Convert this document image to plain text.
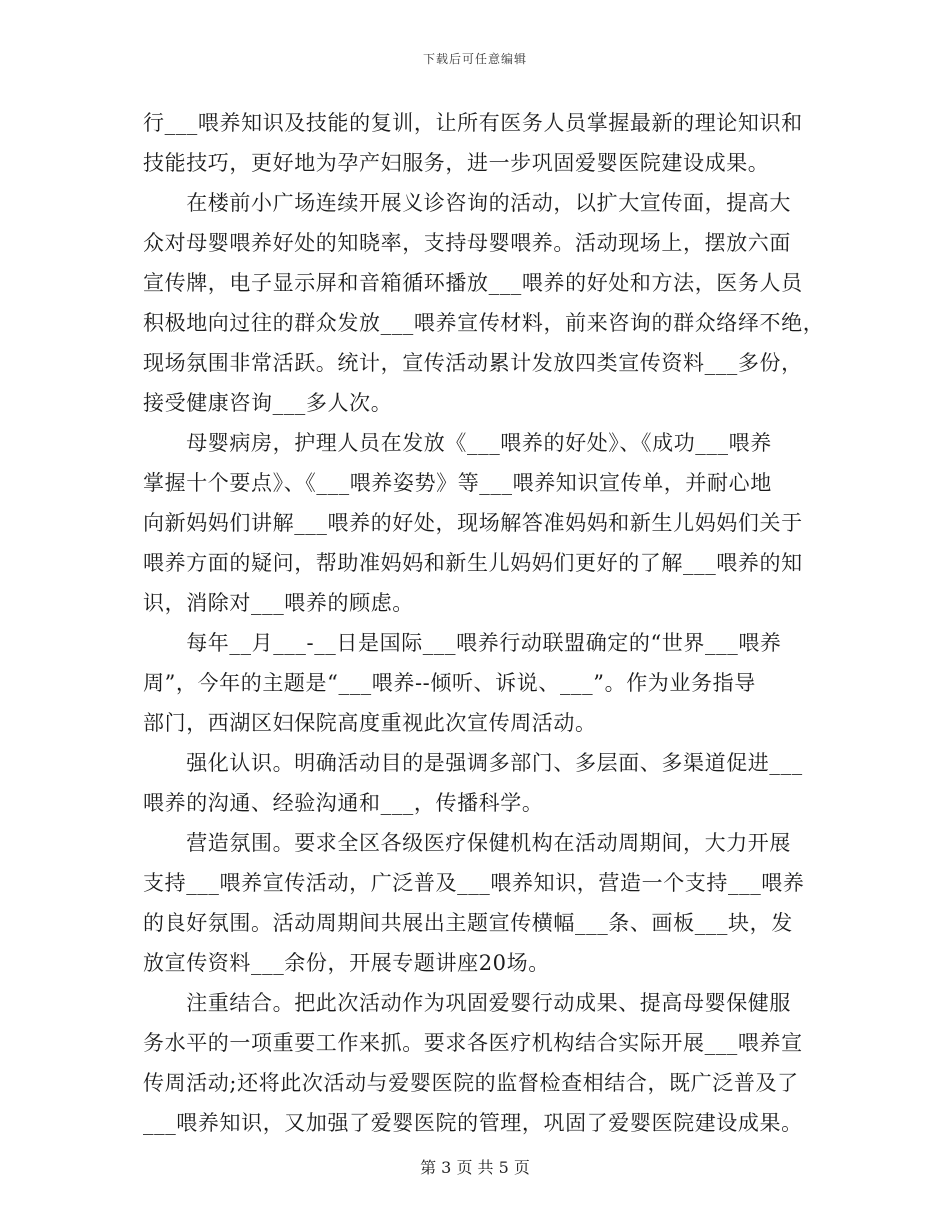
下载后可任意编辑
行___喂养知识及技能的复训，让所有医务人员掌握最新的理论知识和
技能技巧，更好地为孕产妇服务，进一步巩固爱婴医院建设成果。
　　在楼前小广场连续开展义诊咨询的活动，以扩大宣传面，提高大
众对母婴喂养好处的知晓率，支持母婴喂养。活动现场上，摆放六面
宣传牌，电子显示屏和音箱循环播放___喂养的好处和方法，医务人员
积极地向过往的群众发放___喂养宣传材料，前来咨询的群众络绎不绝，
现场氛围非常活跃。统计，宣传活动累计发放四类宣传资料___多份，
接受健康咨询___多人次。
　　母婴病房，护理人员在发放《___喂养的好处》、《成功___喂养
掌握十个要点》、《___喂养姿势》等___喂养知识宣传单，并耐心地
向新妈妈们讲解___喂养的好处，现场解答准妈妈和新生儿妈妈们关于
喂养方面的疑问，帮助准妈妈和新生儿妈妈们更好的了解___喂养的知
识，消除对___喂养的顾虑。
　　每年__月___-__日是国际___喂养行动联盟确定的“世界___喂养
周”，今年的主题是“___喂养--倾听、诉说、___”。作为业务指导
部门，西湖区妇保院高度重视此次宣传周活动。
　　强化认识。明确活动目的是强调多部门、多层面、多渠道促进___
喂养的沟通、经验沟通和___，传播科学。
　　营造氛围。要求全区各级医疗保健机构在活动周期间，大力开展
支持___喂养宣传活动，广泛普及___喂养知识，营造一个支持___喂养
的良好氛围。活动周期间共展出主题宣传横幅___条、画板___块，发
放宣传资料___余份，开展专题讲座20场。
　　注重结合。把此次活动作为巩固爱婴行动成果、提高母婴保健服
务水平的一项重要工作来抓。要求各医疗机构结合实际开展___喂养宣
传周活动;还将此次活动与爱婴医院的监督检查相结合，既广泛普及了
___喂养知识，又加强了爱婴医院的管理，巩固了爱婴医院建设成果。
第 3 页 共 5 页
